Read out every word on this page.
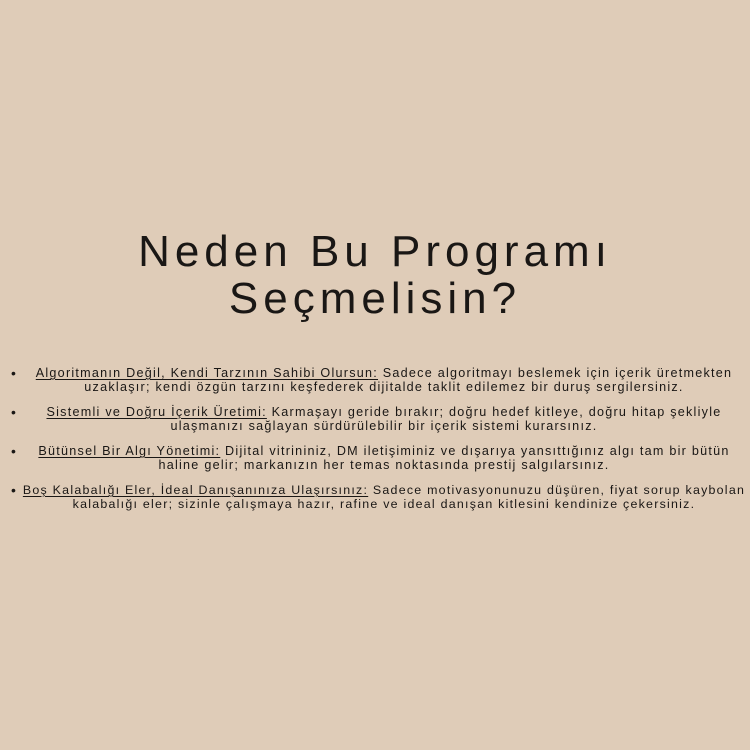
Neden Bu Programı
Seçmelisin?
• Algoritmanın Değil, Kendi Tarzının Sahibi Olursun: Sadece algoritmayı beslemek için içerik üretmekten
uzaklaşır; kendi özgün tarzını keşfederek dijitalde taklit edilemez bir duruş sergilersiniz.
• Sistemli ve Doğru İçerik Üretimi: Karmaşayı geride bırakır; doğru hedef kitleye, doğru hitap şekliyle
ulaşmanızı sağlayan sürdürülebilir bir içerik sistemi kurarsınız.
• Bütünsel Bir Algı Yönetimi: Dijital vitrininiz, DM iletişiminiz ve dışarıya yansıttığınız algı tam bir bütün
haline gelir; markanızın her temas noktasında prestij salgılarsınız.
• Boş Kalabalığı Eler, İdeal Danışanınıza Ulaşırsınız: Sadece motivasyonunuzu düşüren, fiyat sorup kaybolan
kalabalığı eler; sizinle çalışmaya hazır, rafine ve ideal danışan kitlesini kendinize çekersiniz.
